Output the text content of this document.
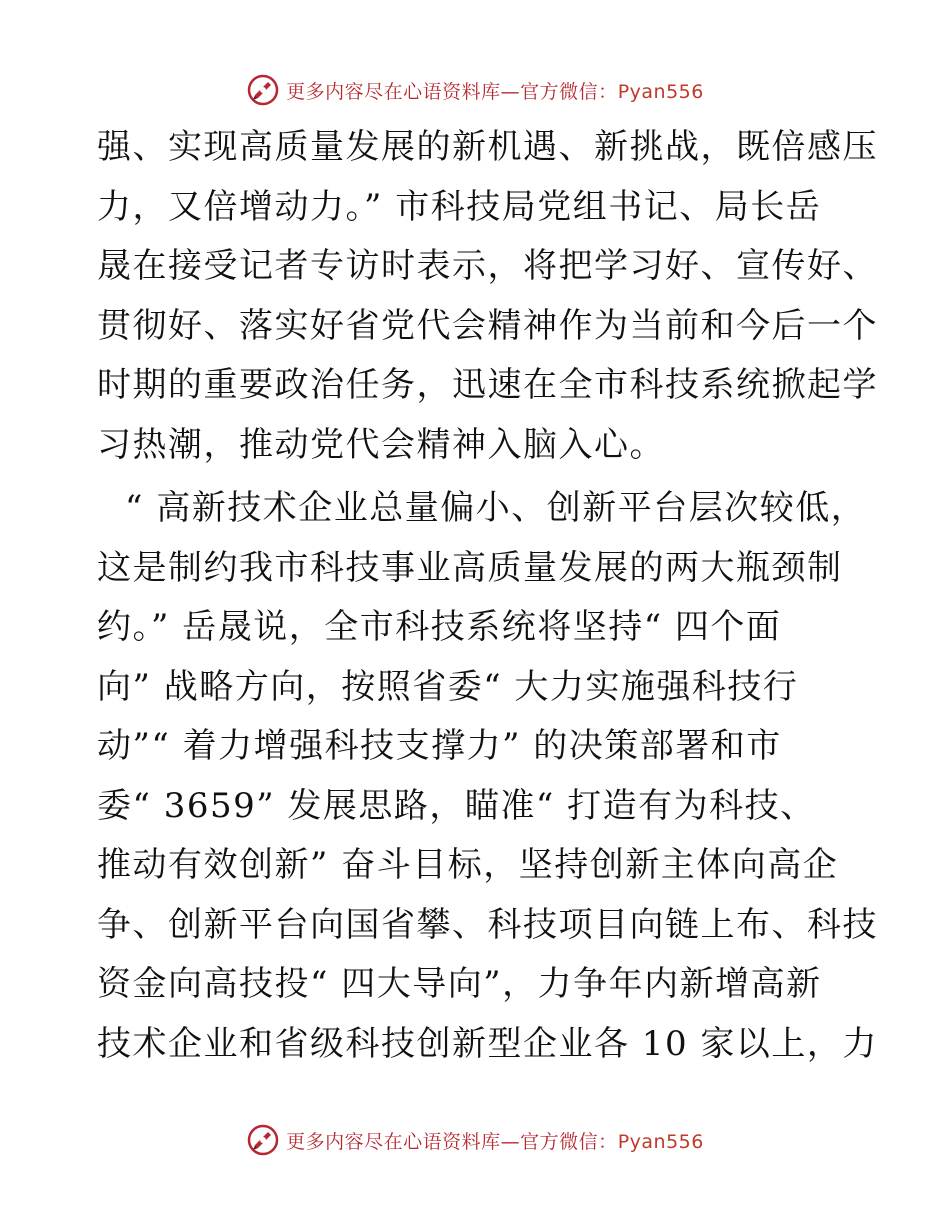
更多内容尽在心语资料库—官方微信：Pyan556
强、实现高质量发展的新机遇、新挑战，既倍感压
力，又倍增动力。” 市科技局党组书记、局长岳
晟在接受记者专访时表示，将把学习好、宣传好、
贯彻好、落实好省党代会精神作为当前和今后一个
时期的重要政治任务，迅速在全市科技系统掀起学
习热潮，推动党代会精神入脑入心。
“ 高新技术企业总量偏小、创新平台层次较低，
这是制约我市科技事业高质量发展的两大瓶颈制
约。” 岳晟说，全市科技系统将坚持“ 四个面
向” 战略方向，按照省委“ 大力实施强科技行
动”“ 着力增强科技支撑力” 的决策部署和市
委“ 3659” 发展思路，瞄准“ 打造有为科技、
推动有效创新” 奋斗目标，坚持创新主体向高企
争、创新平台向国省攀、科技项目向链上布、科技
资金向高技投“ 四大导向”，力争年内新增高新
技术企业和省级科技创新型企业各 10 家以上，力
更多内容尽在心语资料库—官方微信：Pyan556
